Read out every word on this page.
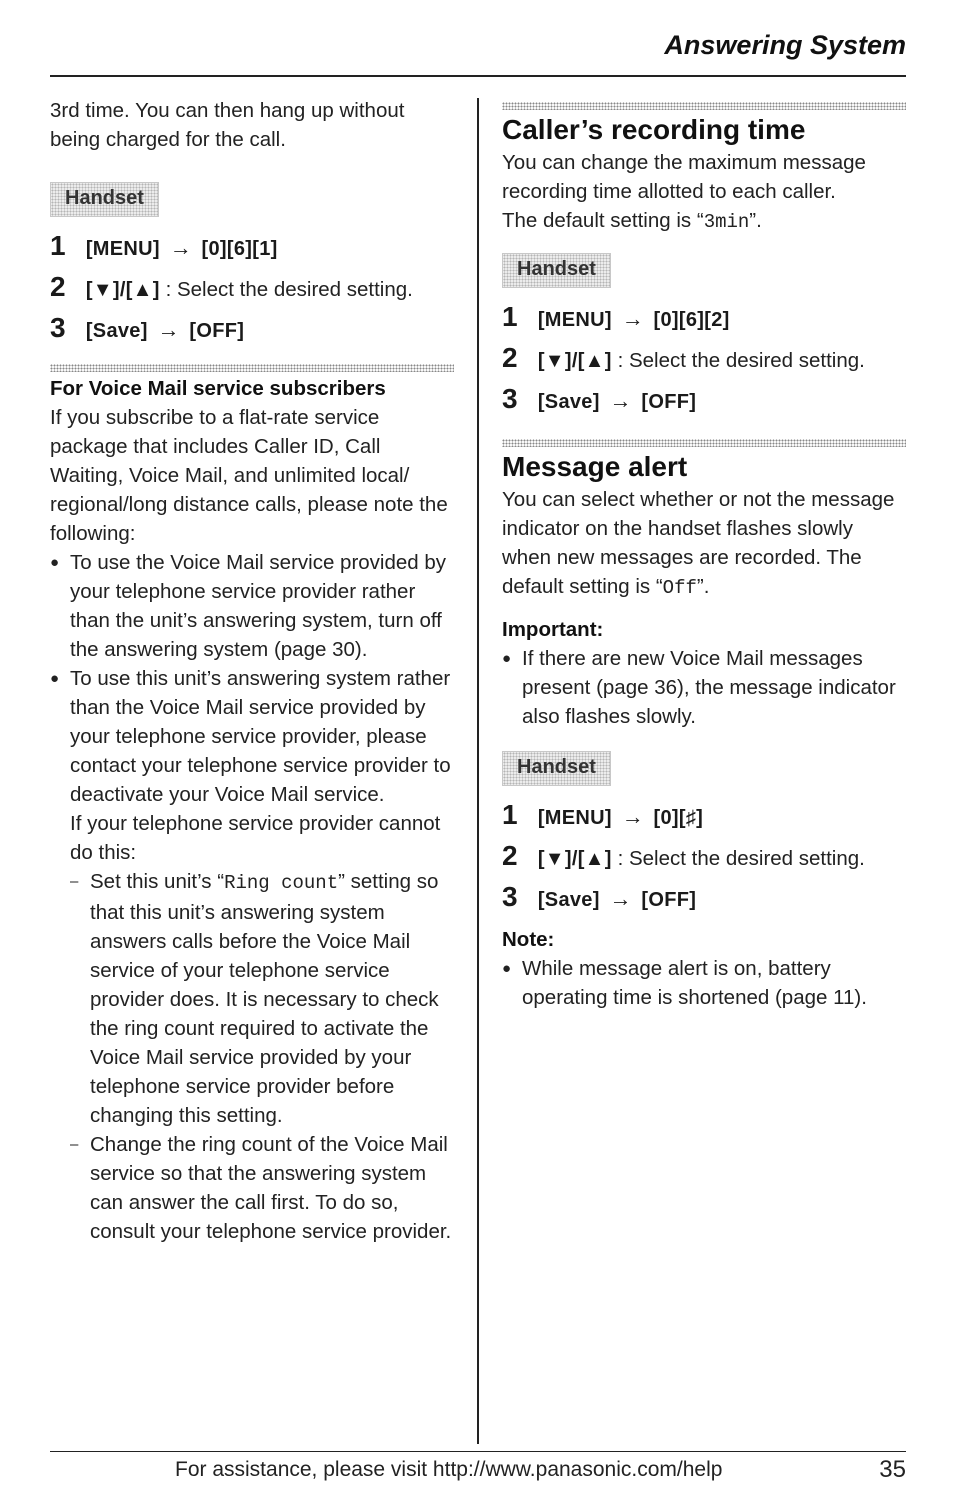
Answering System
3rd time. You can then hang up without being charged for the call.
Handset
1 [MENU] → [0][6][1]
2 [▼]/[▲] : Select the desired setting.
3 [Save] → [OFF]
For Voice Mail service subscribers
If you subscribe to a flat-rate service package that includes Caller ID, Call Waiting, Voice Mail, and unlimited local/ regional/long distance calls, please note the following:
● To use the Voice Mail service provided by your telephone service provider rather than the unit’s answering system, turn off the answering system (page 30).
● To use this unit’s answering system rather than the Voice Mail service provided by your telephone service provider, please contact your telephone service provider to deactivate your Voice Mail service.
If your telephone service provider cannot do this:
– Set this unit’s “Ring count” setting so that this unit’s answering system answers calls before the Voice Mail service of your telephone service provider does. It is necessary to check the ring count required to activate the Voice Mail service provided by your telephone service provider before changing this setting.
– Change the ring count of the Voice Mail service so that the answering system can answer the call first. To do so, consult your telephone service provider.
Caller’s recording time
You can change the maximum message recording time allotted to each caller.
The default setting is “3min”.
Handset
1 [MENU] → [0][6][2]
2 [▼]/[▲] : Select the desired setting.
3 [Save] → [OFF]
Message alert
You can select whether or not the message indicator on the handset flashes slowly when new messages are recorded. The default setting is “Off”.
Important:
● If there are new Voice Mail messages present (page 36), the message indicator also flashes slowly.
Handset
1 [MENU] → [0][♯]
2 [▼]/[▲] : Select the desired setting.
3 [Save] → [OFF]
Note:
● While message alert is on, battery operating time is shortened (page 11).
For assistance, please visit http://www.panasonic.com/help	35
